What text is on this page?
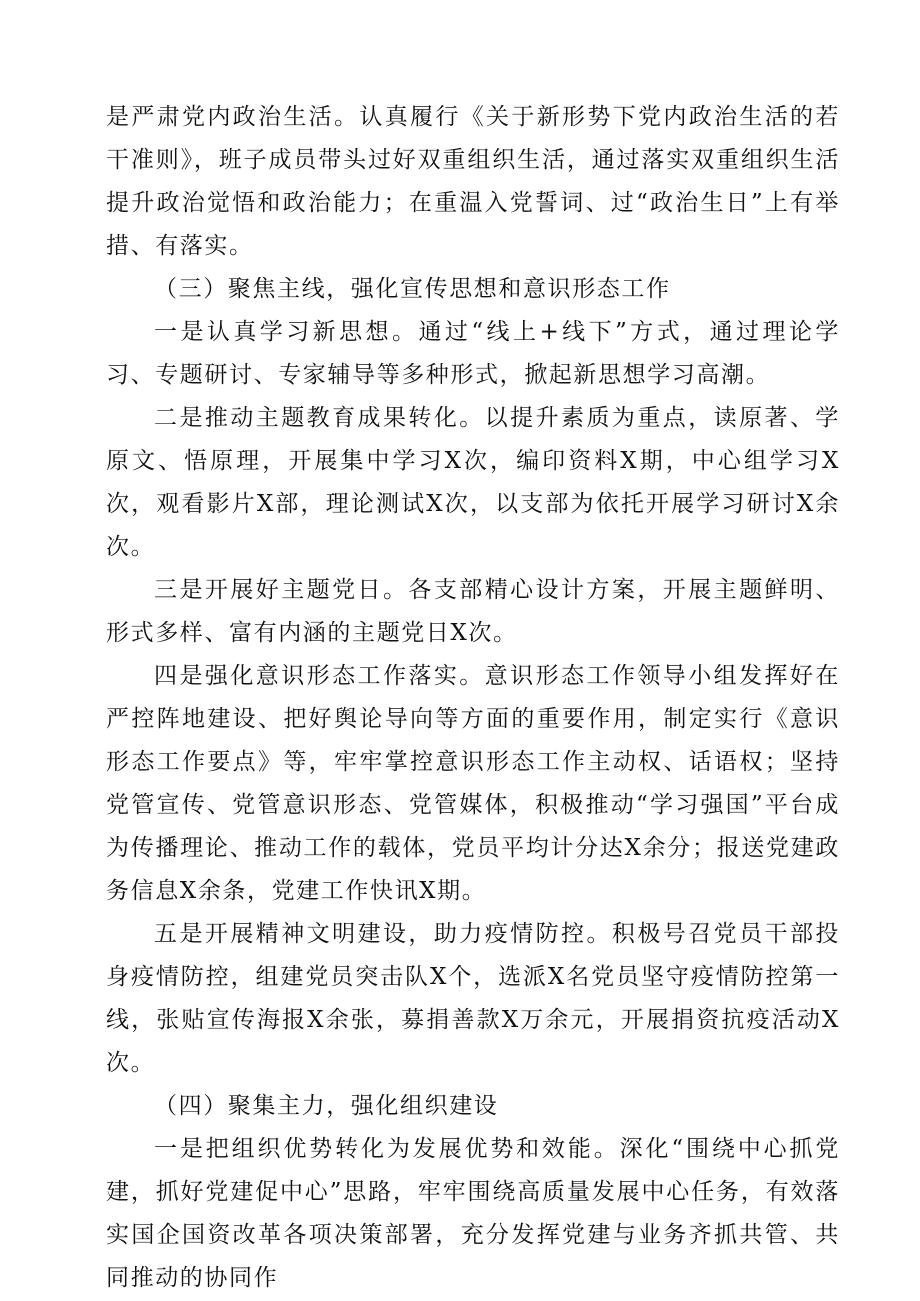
是严肃党内政治生活。认真履行《关于新形势下党内政治生活的若干准则》，班子成员带头过好双重组织生活，通过落实双重组织生活提升政治觉悟和政治能力；在重温入党誓词、过“政治生日”上有举措、有落实。

（三）聚焦主线，强化宣传思想和意识形态工作

一是认真学习新思想。通过“线上+线下”方式，通过理论学习、专题研讨、专家辅导等多种形式，掀起新思想学习高潮。

二是推动主题教育成果转化。以提升素质为重点，读原著、学原文、悟原理，开展集中学习X次，编印资料X期，中心组学习X次，观看影片X部，理论测试X次，以支部为依托开展学习研讨X余次。

三是开展好主题党日。各支部精心设计方案，开展主题鲜明、形式多样、富有内涵的主题党日X次。

四是强化意识形态工作落实。意识形态工作领导小组发挥好在严控阵地建设、把好舆论导向等方面的重要作用，制定实行《意识形态工作要点》等，牢牢掌控意识形态工作主动权、话语权；坚持党管宣传、党管意识形态、党管媒体，积极推动“学习强国”平台成为传播理论、推动工作的载体，党员平均计分达X余分；报送党建政务信息X余条，党建工作快讯X期。

五是开展精神文明建设，助力疫情防控。积极号召党员干部投身疫情防控，组建党员突击队X个，选派X名党员坚守疫情防控第一线，张贴宣传海报X余张，募捐善款X万余元，开展捐资抗疫活动X次。

（四）聚集主力，强化组织建设

一是把组织优势转化为发展优势和效能。深化“围绕中心抓党建，抓好党建促中心”思路，牢牢围绕高质量发展中心任务，有效落实国企国资改革各项决策部署，充分发挥党建与业务齐抓共管、共同推动的协同作
